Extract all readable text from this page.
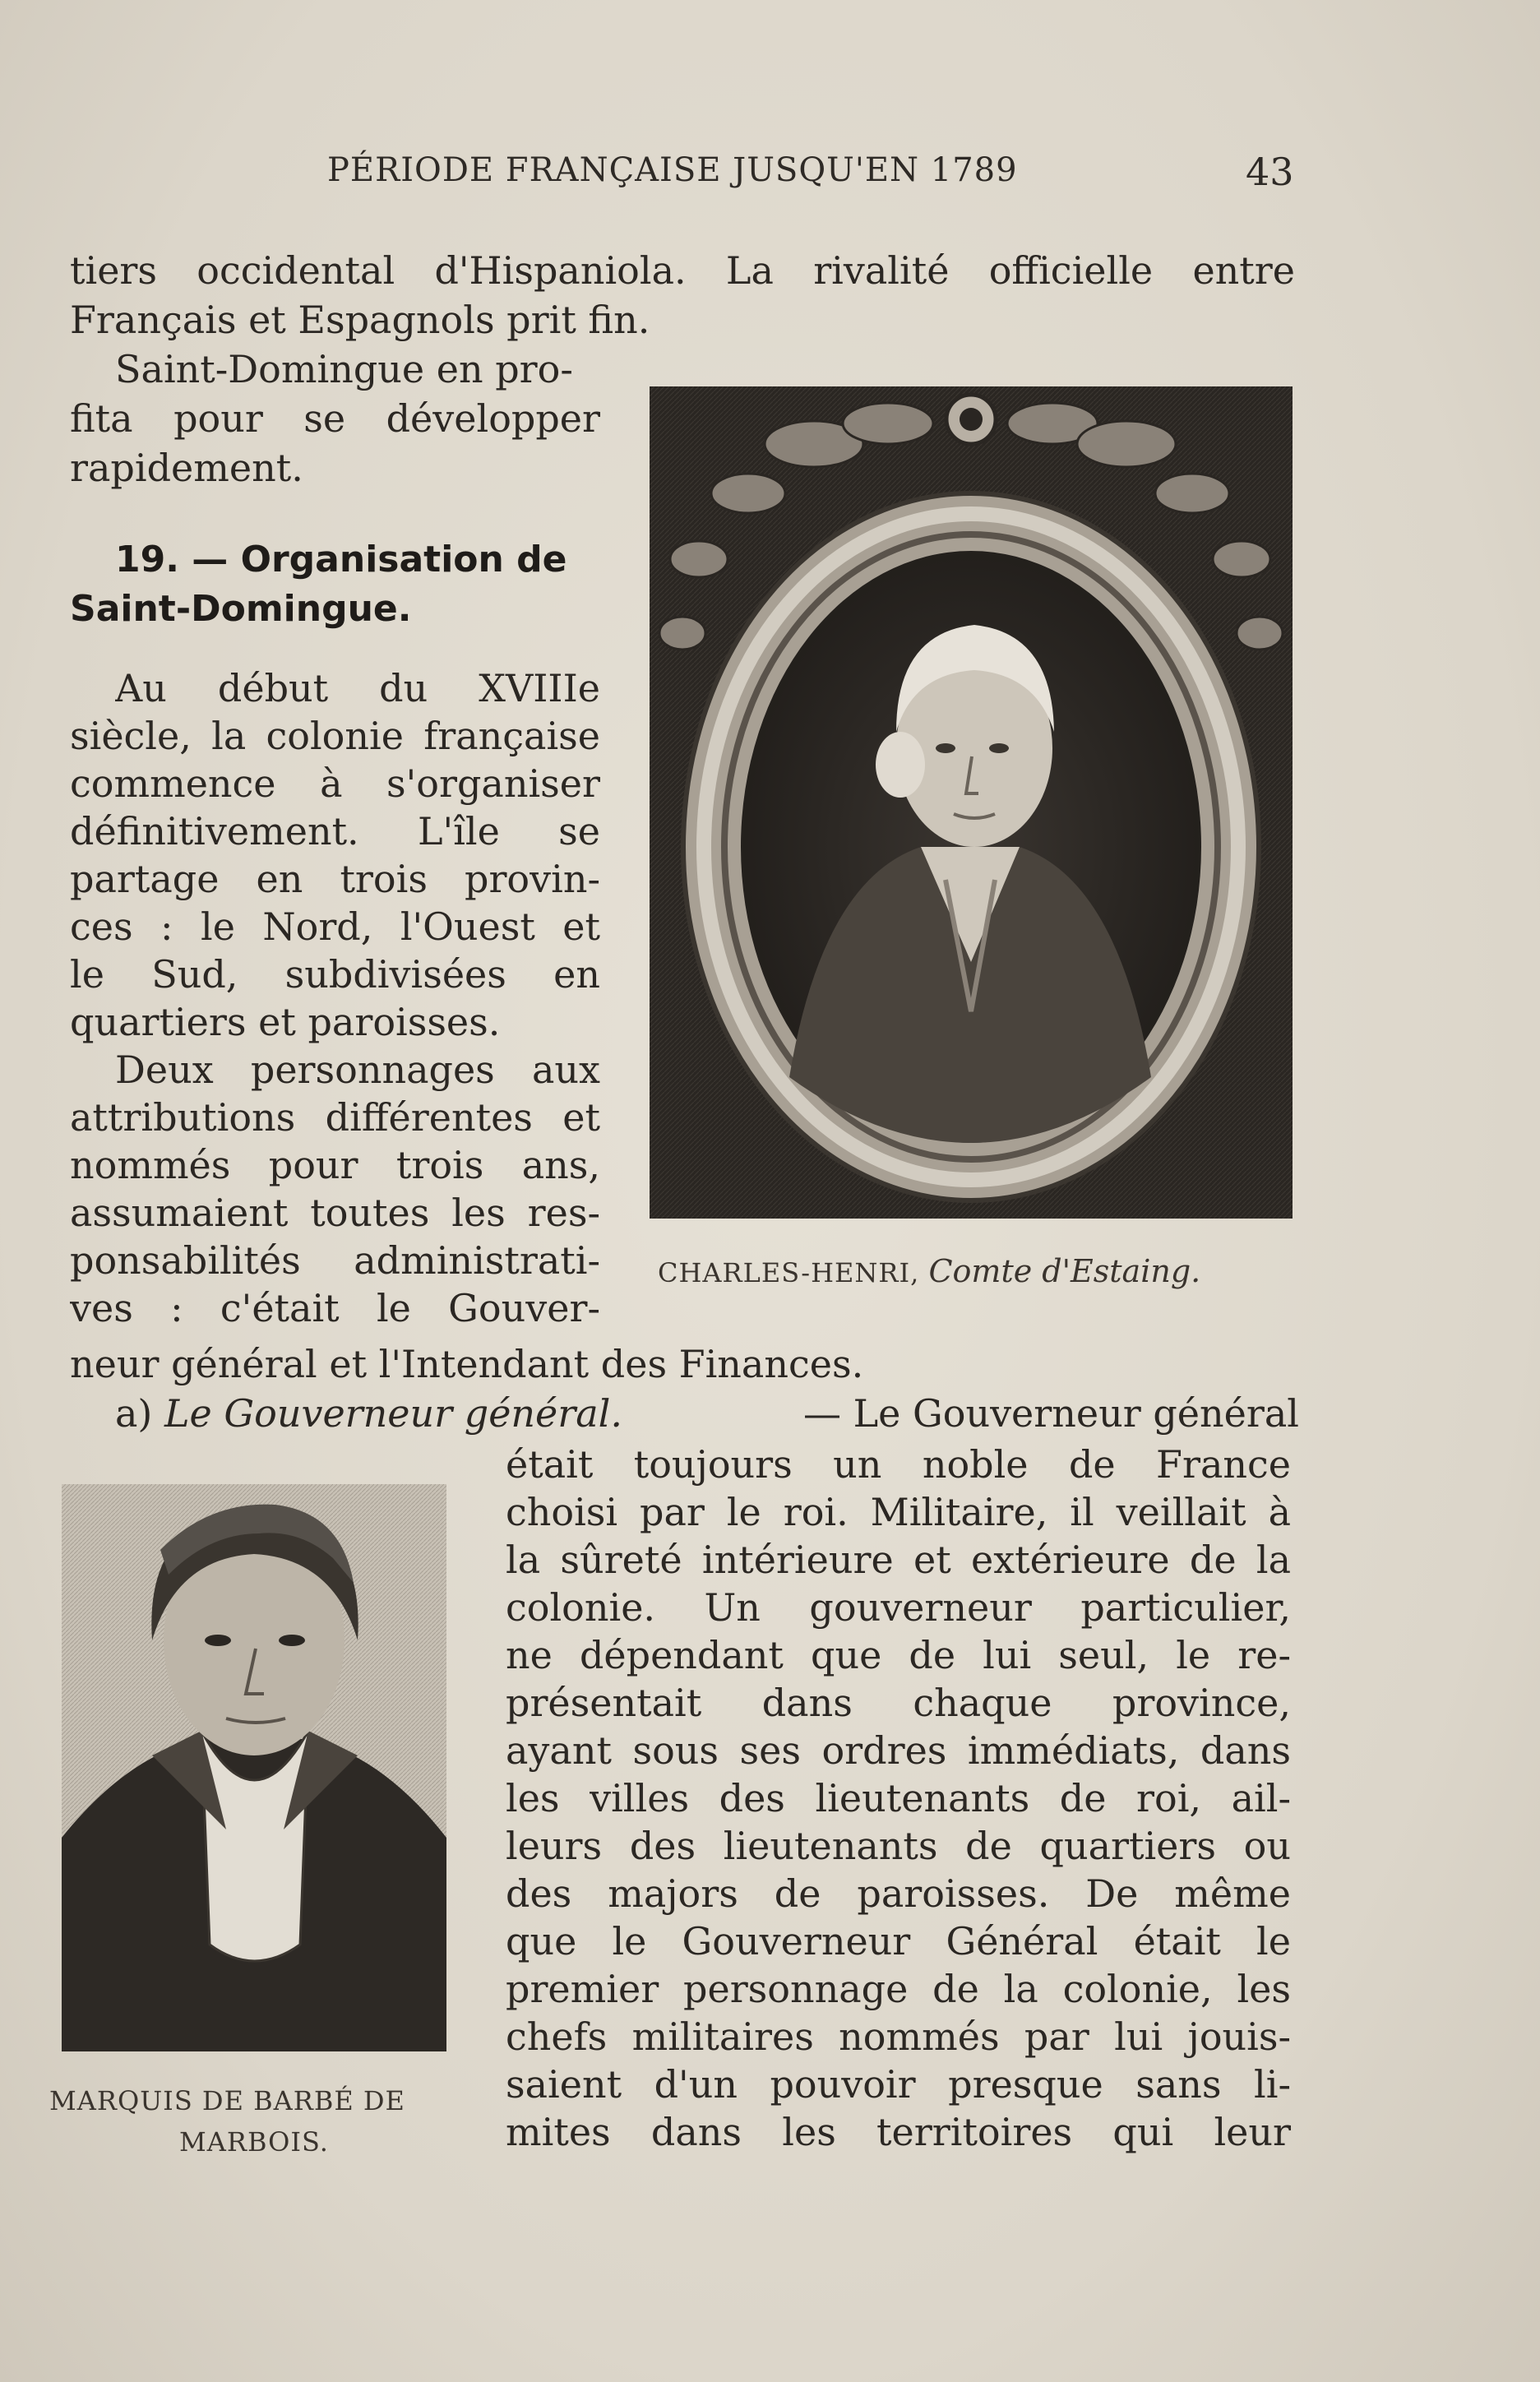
PÉRIODE FRANÇAISE JUSQU'EN 1789	43
tiers occidental d'Hispaniola. La rivalité officielle entre
Français et Espagnols prit fin.
Saint-Domingue en pro-
fita pour se développer
rapidement.
19. — Organisation de
Saint-Domingue.
Au début du XVIIIe
siècle, la colonie française
commence à s'organiser
définitivement. L'île se
partage en trois provin-
ces : le Nord, l'Ouest et
le Sud, subdivisées en
quartiers et paroisses.
Deux personnages aux
attributions différentes et
nommés pour trois ans,
assumaient toutes les res-
ponsabilités administrati-
ves : c'était le Gouver-
neur général et l'Intendant des Finances.
a) Le Gouverneur général.	— Le Gouverneur général
était toujours un noble de France
choisi par le roi. Militaire, il veillait à
la sûreté intérieure et extérieure de la
colonie. Un gouverneur particulier,
ne dépendant que de lui seul, le re-
présentait dans chaque province,
ayant sous ses ordres immédiats, dans
les villes des lieutenants de roi, ail-
leurs des lieutenants de quartiers ou
des majors de paroisses. De même
que le Gouverneur Général était le
premier personnage de la colonie, les
chefs militaires nommés par lui jouis-
saient d'un pouvoir presque sans li-
mites dans les territoires qui leur
CHARLES-HENRI, Comte d'Estaing.
MARQUIS DE BARBÉ DE
MARBOIS.
